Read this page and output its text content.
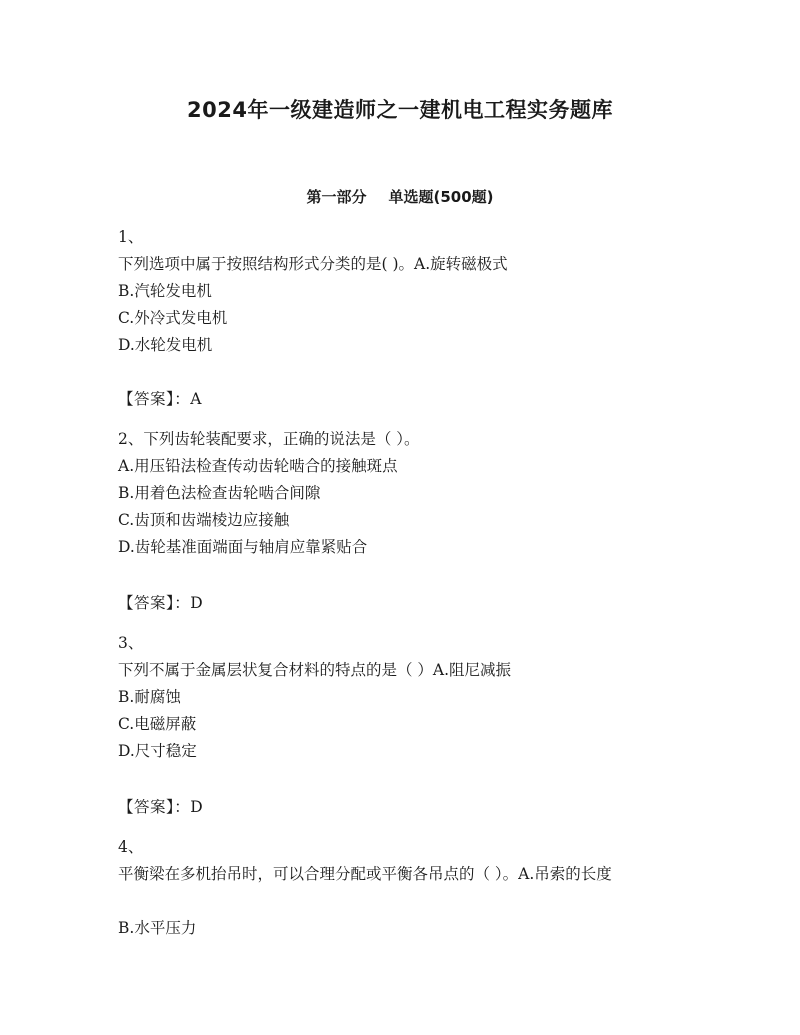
2024年一级建造师之一建机电工程实务题库
第一部分 单选题(500题)
1、
下列选项中属于按照结构形式分类的是( )。A.旋转磁极式
B.汽轮发电机
C.外冷式发电机
D.水轮发电机
【答案】：A
2、下列齿轮装配要求，正确的说法是（ ）。
A.用压铅法检查传动齿轮啮合的接触斑点
B.用着色法检查齿轮啮合间隙
C.齿顶和齿端棱边应接触
D.齿轮基准面端面与轴肩应靠紧贴合
【答案】：D
3、
下列不属于金属层状复合材料的特点的是（ ）A.阻尼减振
B.耐腐蚀
C.电磁屏蔽
D.尺寸稳定
【答案】：D
4、
平衡梁在多机抬吊时，可以合理分配或平衡各吊点的（ ）。A.吊索的长度
B.水平压力
